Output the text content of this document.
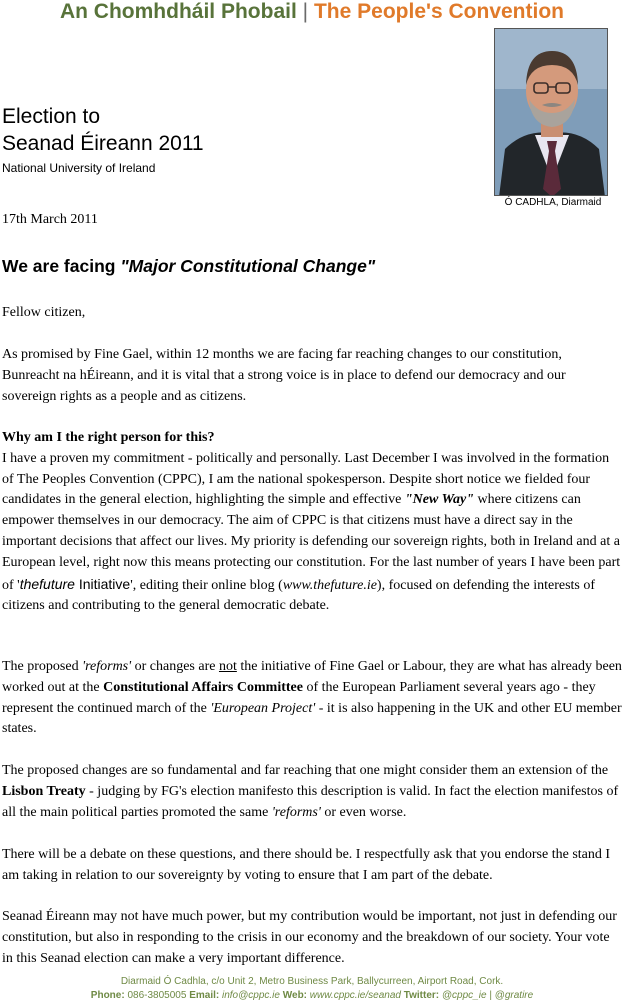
An Chomhdháil Phobail | The People's Convention
Election to
Seanad Éireann 2011
National University of Ireland
Ó CADHLA, Diarmaid
17th March 2011
We are facing "Major Constitutional Change"

Fellow citizen,

As promised by Fine Gael, within 12 months we are facing far reaching changes to our constitution, Bunreacht na hÉireann, and it is vital that a strong voice is in place to defend our democracy and our sovereign rights as a people and as citizens.

Why am I the right person for this?
I have a proven my commitment - politically and personally. Last December I was involved in the formation of The Peoples Convention (CPPC), I am the national spokesperson. Despite short notice we fielded four candidates in the general election, highlighting the simple and effective "New Way" where citizens can empower themselves in our democracy. The aim of CPPC is that citizens must have a direct say in the important decisions that affect our lives. My priority is defending our sovereign rights, both in Ireland and at a European level, right now this means protecting our constitution. For the last number of years I have been part of 'thefuture Initiative', editing their online blog (www.thefuture.ie), focused on defending the interests of citizens and contributing to the general democratic debate.

The proposed 'reforms' or changes are not the initiative of Fine Gael or Labour, they are what has already been worked out at the Constitutional Affairs Committee of the European Parliament several years ago - they represent the continued march of the 'European Project' - it is also happening in the UK and other EU member states.

The proposed changes are so fundamental and far reaching that one might consider them an extension of the Lisbon Treaty - judging by FG's election manifesto this description is valid. In fact the election manifestos of all the main political parties promoted the same 'reforms' or even worse.

There will be a debate on these questions, and there should be. I respectfully ask that you endorse the stand I am taking in relation to our sovereignty by voting to ensure that I am part of the debate.

Seanad Éireann may not have much power, but my contribution would be important, not just in defending our constitution, but also in responding to the crisis in our economy and the breakdown of our society. Your vote in this Seanad election can make a very important difference.

Diarmaid Ó Cadhla, c/o Unit 2, Metro Business Park, Ballycurreen, Airport Road, Cork.
Phone: 086-3805005 Email: info@cppc.ie Web: www.cppc.ie/seanad Twitter: @cppc_ie | @gratire
